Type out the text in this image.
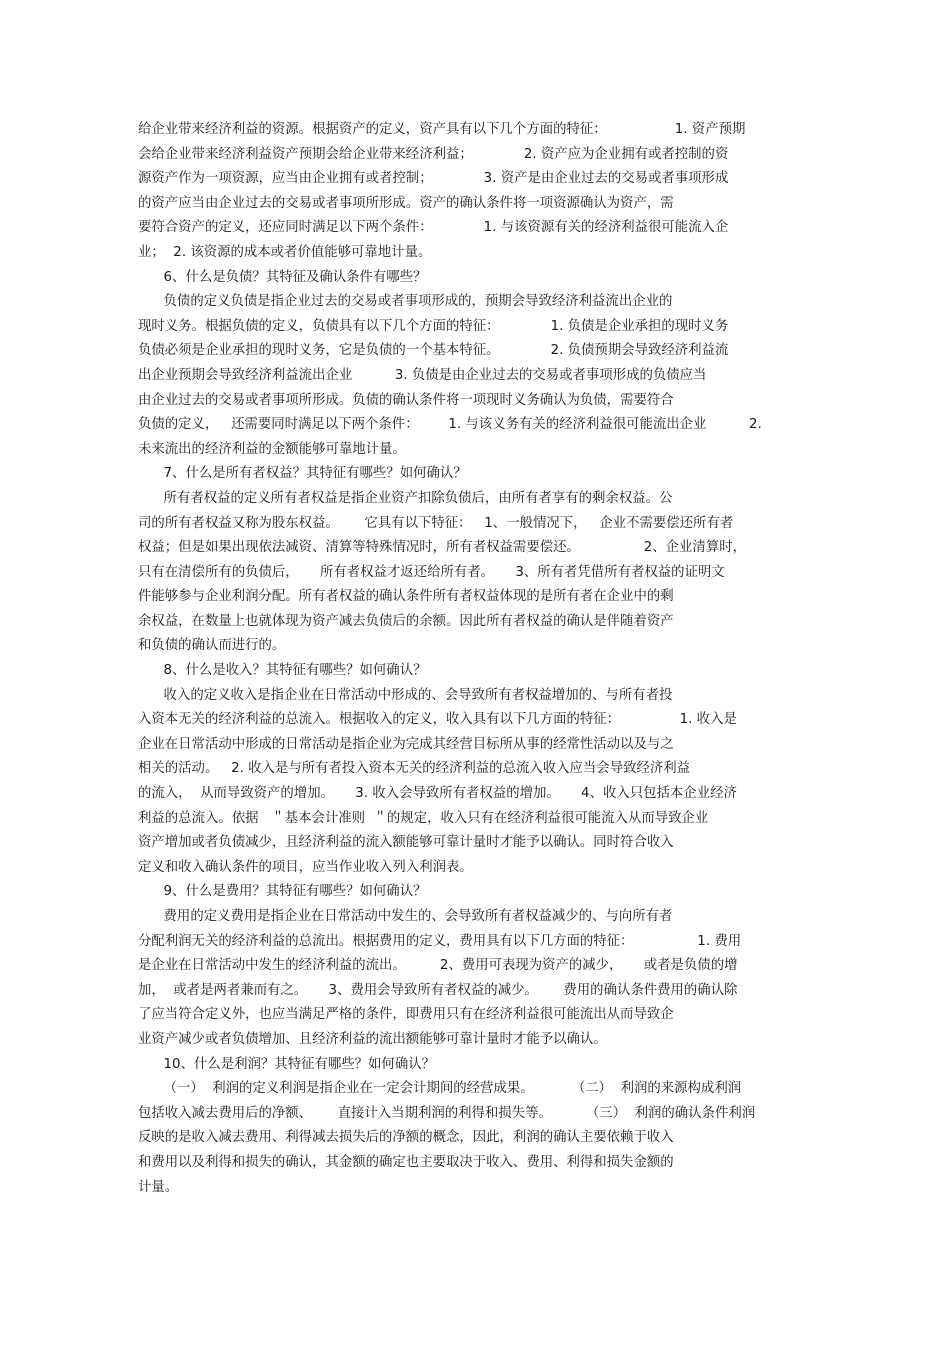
给企业带来经济利益的资源。根据资产的定义，资产具有以下几个方面的特征：                1. 资产预期
会给企业带来经济利益资产预期会给企业带来经济利益；            2. 资产应为企业拥有或者控制的资
源资产作为一项资源，应当由企业拥有或者控制；            3. 资产是由企业过去的交易或者事项形成
的资产应当由企业过去的交易或者事项所形成。资产的确认条件将一项资源确认为资产，需
要符合资产的定义，还应同时满足以下两个条件：            1. 与该资源有关的经济利益很可能流入企
业；  2. 该资源的成本或者价值能够可靠地计量。
6、什么是负债？其特征及确认条件有哪些？
负债的定义负债是指企业过去的交易或者事项形成的，预期会导致经济利益流出企业的
现时义务。根据负债的定义，负债具有以下几个方面的特征：            1. 负债是企业承担的现时义务
负债必须是企业承担的现时义务，它是负债的一个基本特征。            2. 负债预期会导致经济利益流
出企业预期会导致经济利益流出企业          3. 负债是由企业过去的交易或者事项形成的负债应当
由企业过去的交易或者事项所形成。负债的确认条件将一项现时义务确认为负债，需要符合
负债的定义，   还需要同时满足以下两个条件：       1. 与该义务有关的经济利益很可能流出企业          2.
未来流出的经济利益的金额能够可靠地计量。
7、什么是所有者权益？其特征有哪些？如何确认？
所有者权益的定义所有者权益是指企业资产扣除负债后，由所有者享有的剩余权益。公
司的所有者权益又称为股东权益。      它具有以下特征：   1、一般情况下，   企业不需要偿还所有者
权益；但是如果出现依法减资、清算等特殊情况时，所有者权益需要偿还。               2、企业清算时，
只有在清偿所有的负债后，     所有者权益才返还给所有者。     3、所有者凭借所有者权益的证明文
件能够参与企业利润分配。所有者权益的确认条件所有者权益体现的是所有者在企业中的剩
余权益，在数量上也就体现为资产减去负债后的余额。因此所有者权益的确认是伴随着资产
和负债的确认而进行的。
8、什么是收入？其特征有哪些？如何确认？
收入的定义收入是指企业在日常活动中形成的、会导致所有者权益增加的、与所有者投
入资本无关的经济利益的总流入。根据收入的定义，收入具有以下几方面的特征：              1. 收入是
企业在日常活动中形成的日常活动是指企业为完成其经营目标所从事的经常性活动以及与之
相关的活动。   2. 收入是与所有者投入资本无关的经济利益的总流入收入应当会导致经济利益
的流入，  从而导致资产的增加。     3. 收入会导致所有者权益的增加。     4、收入只包括本企业经济
利益的总流入。依据   ＂基本会计准则  ＂的规定，收入只有在经济利益很可能流入从而导致企业
资产增加或者负债减少，且经济利益的流入额能够可靠计量时才能予以确认。同时符合收入
定义和收入确认条件的项目，应当作业收入列入利润表。
9、什么是费用？其特征有哪些？如何确认？
费用的定义费用是指企业在日常活动中发生的、会导致所有者权益减少的、与向所有者
分配利润无关的经济利益的总流出。根据费用的定义，费用具有以下几方面的特征：               1. 费用
是企业在日常活动中发生的经济利益的流出。        2、费用可表现为资产的减少，     或者是负债的增
加，  或者是两者兼而有之。     3、费用会导致所有者权益的减少。      费用的确认条件费用的确认除
了应当符合定义外，也应当满足严格的条件，即费用只有在经济利益很可能流出从而导致企
业资产减少或者负债增加、且经济利益的流出额能够可靠计量时才能予以确认。
10、什么是利润？其特征有哪些？如何确认？
（一）  利润的定义利润是指企业在一定会计期间的经营成果。         （二）  利润的来源构成利润
包括收入减去费用后的净额、      直接计入当期利润的利得和损失等。        （三）  利润的确认条件利润
反映的是收入减去费用、利得减去损失后的净额的概念，因此，利润的确认主要依赖于收入
和费用以及利得和损失的确认，其金额的确定也主要取决于收入、费用、利得和损失金额的
计量。
